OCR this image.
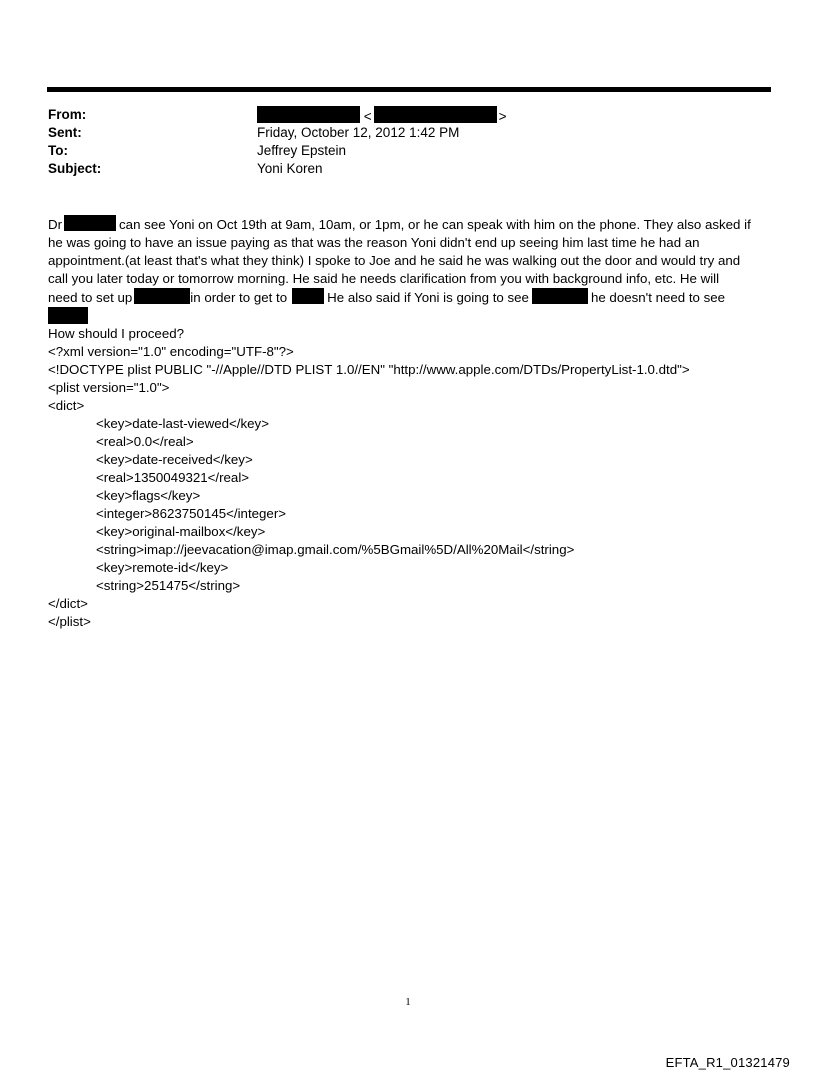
From:	<	>
Sent:	Friday, October 12, 2012 1:42 PM
To:	Jeffrey Epstein
Subject:	Yoni Koren

Dr	can see Yoni on Oct 19th at 9am, 10am, or 1pm, or he can speak with him on the phone. They also asked if

he was going to have an issue paying as that was the reason Yoni didn't end up seeing him last time he had an

appointment.(at least that's what they think) I spoke to Joe and he said he was walking out the door and would try and

call you later today or tomorrow morning. He said he needs clarification from you with background info, etc. He will

need to set up	in order to get to	He also said if Yoni is going to see	he doesn't need to see

How should I proceed?

<?xml version="1.0" encoding="UTF-8"?>

<!DOCTYPE plist PUBLIC "-//Apple//DTD PLIST 1.0//EN" "http://www.apple.com/DTDs/PropertyList-1.0.dtd">

<plist version="1.0">

<dict>

<key>date-last-viewed</key>

<real>0.0</real>

<key>date-received</key>

<real>1350049321</real>

<key>flags</key>

<integer>8623750145</integer>

<key>original-mailbox</key>

<string>imap://jeevacation@imap.gmail.com/%5BGmail%5D/All%20Mail</string>

<key>remote-id</key>

<string>251475</string>

</dict>

</plist>

1
EFTA_R1_01321479
